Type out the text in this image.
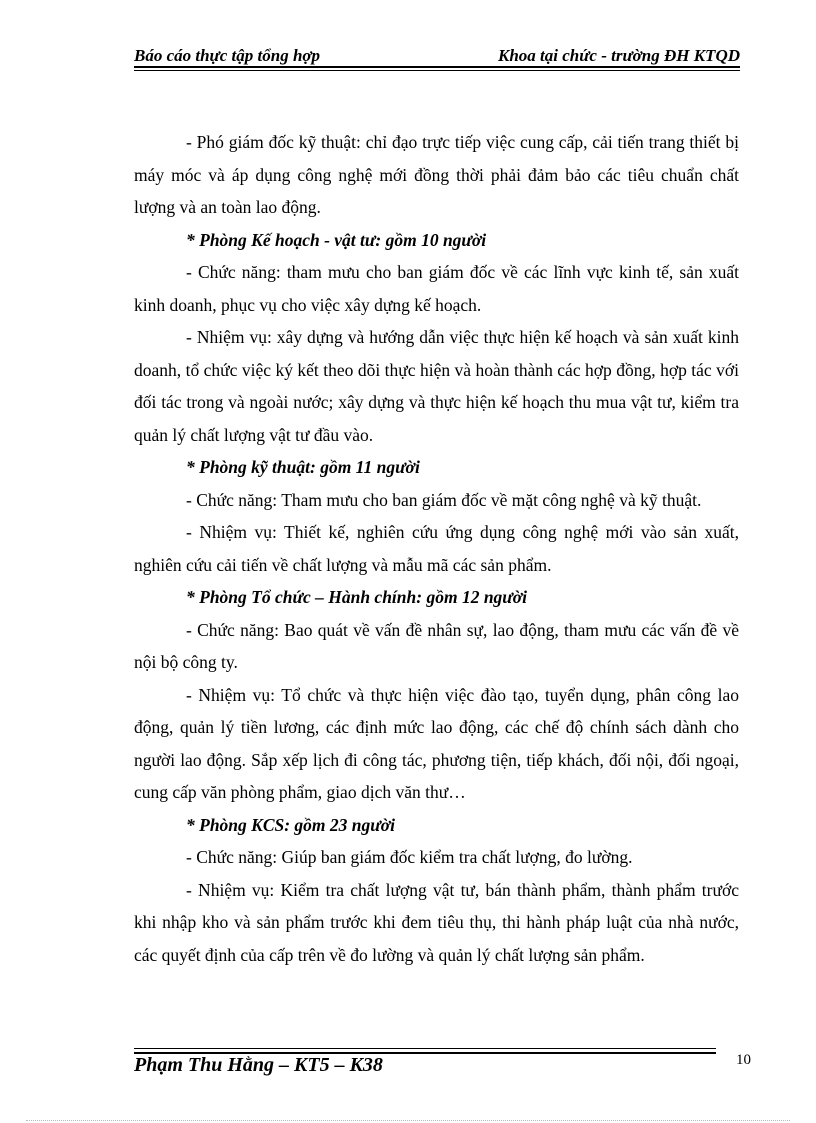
Báo cáo thực tập tổng hợp	Khoa tại chức - trường ĐH KTQD

- Phó giám đốc kỹ thuật: chỉ đạo trực tiếp việc cung cấp, cải tiến trang thiết bị máy móc và áp dụng công nghệ mới đồng thời phải đảm bảo các tiêu chuẩn chất lượng và an toàn lao động.

* Phòng Kế hoạch - vật tư: gồm 10 người

- Chức năng: tham mưu cho ban giám đốc về các lĩnh vực kinh tế, sản xuất kinh doanh, phục vụ cho việc xây dựng kế hoạch.

- Nhiệm vụ: xây dựng và hướng dẫn việc thực hiện kế hoạch và sản xuất kinh doanh, tổ chức việc ký kết theo dõi thực hiện và hoàn thành các hợp đồng, hợp tác với đối tác trong và ngoài nước; xây dựng và thực hiện kế hoạch thu mua vật tư, kiểm tra quản lý chất lượng vật tư đầu vào.

* Phòng kỹ thuật: gồm 11 người

- Chức năng: Tham mưu cho ban giám đốc về mặt công nghệ và kỹ thuật.

- Nhiệm vụ: Thiết kế, nghiên cứu ứng dụng công nghệ mới vào sản xuất, nghiên cứu cải tiến về chất lượng và mẫu mã các sản phẩm.

* Phòng Tổ chức – Hành chính: gồm 12 người

- Chức năng: Bao quát về vấn đề nhân sự, lao động, tham mưu các vấn đề về nội bộ công ty.

- Nhiệm vụ: Tổ chức và thực hiện việc đào tạo, tuyển dụng, phân công lao động, quản lý tiền lương, các định mức lao động, các chế độ chính sách dành cho người lao động. Sắp xếp lịch đi công tác, phương tiện, tiếp khách, đối nội, đối ngoại, cung cấp văn phòng phẩm, giao dịch văn thư…

* Phòng KCS: gồm 23 người

- Chức năng: Giúp ban giám đốc kiểm tra chất lượng, đo lường.

- Nhiệm vụ: Kiểm tra chất lượng vật tư, bán thành phẩm, thành phẩm trước khi nhập kho và sản phẩm trước khi đem tiêu thụ, thi hành pháp luật của nhà nước, các quyết định của cấp trên về đo lường và quản lý chất lượng sản phẩm.

Phạm Thu Hằng – KT5 – K38	10
